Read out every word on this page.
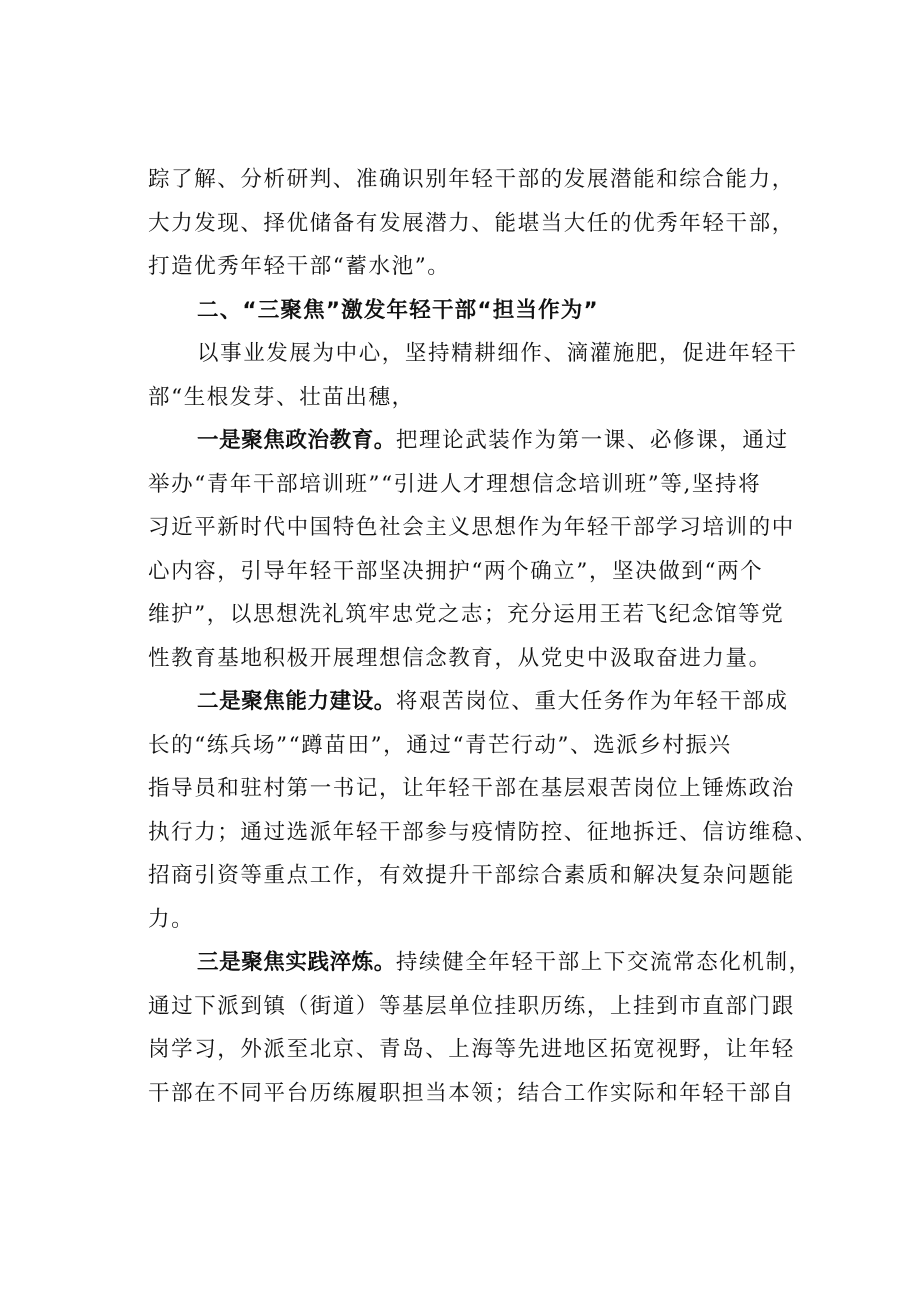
踪了解、分析研判、准确识别年轻干部的发展潜能和综合能力，
大力发现、择优储备有发展潜力、能堪当大任的优秀年轻干部，
打造优秀年轻干部“蓄水池”。
二、“三聚焦”激发年轻干部“担当作为”
以事业发展为中心，坚持精耕细作、滴灌施肥，促进年轻干
部“生根发芽、壮苗出穗，
一是聚焦政治教育。把理论武装作为第一课、必修课，通过
举办“青年干部培训班”“引进人才理想信念培训班”等,坚持将
习近平新时代中国特色社会主义思想作为年轻干部学习培训的中
心内容，引导年轻干部坚决拥护“两个确立”，坚决做到“两个
维护”，以思想洗礼筑牢忠党之志；充分运用王若飞纪念馆等党
性教育基地积极开展理想信念教育，从党史中汲取奋进力量。
二是聚焦能力建设。将艰苦岗位、重大任务作为年轻干部成
长的“练兵场”“蹲苗田”，通过“青芒行动”、选派乡村振兴
指导员和驻村第一书记，让年轻干部在基层艰苦岗位上锤炼政治
执行力；通过选派年轻干部参与疫情防控、征地拆迁、信访维稳、
招商引资等重点工作，有效提升干部综合素质和解决复杂问题能
力。
三是聚焦实践淬炼。持续健全年轻干部上下交流常态化机制，
通过下派到镇（街道）等基层单位挂职历练，上挂到市直部门跟
岗学习，外派至北京、青岛、上海等先进地区拓宽视野，让年轻
干部在不同平台历练履职担当本领；结合工作实际和年轻干部自
